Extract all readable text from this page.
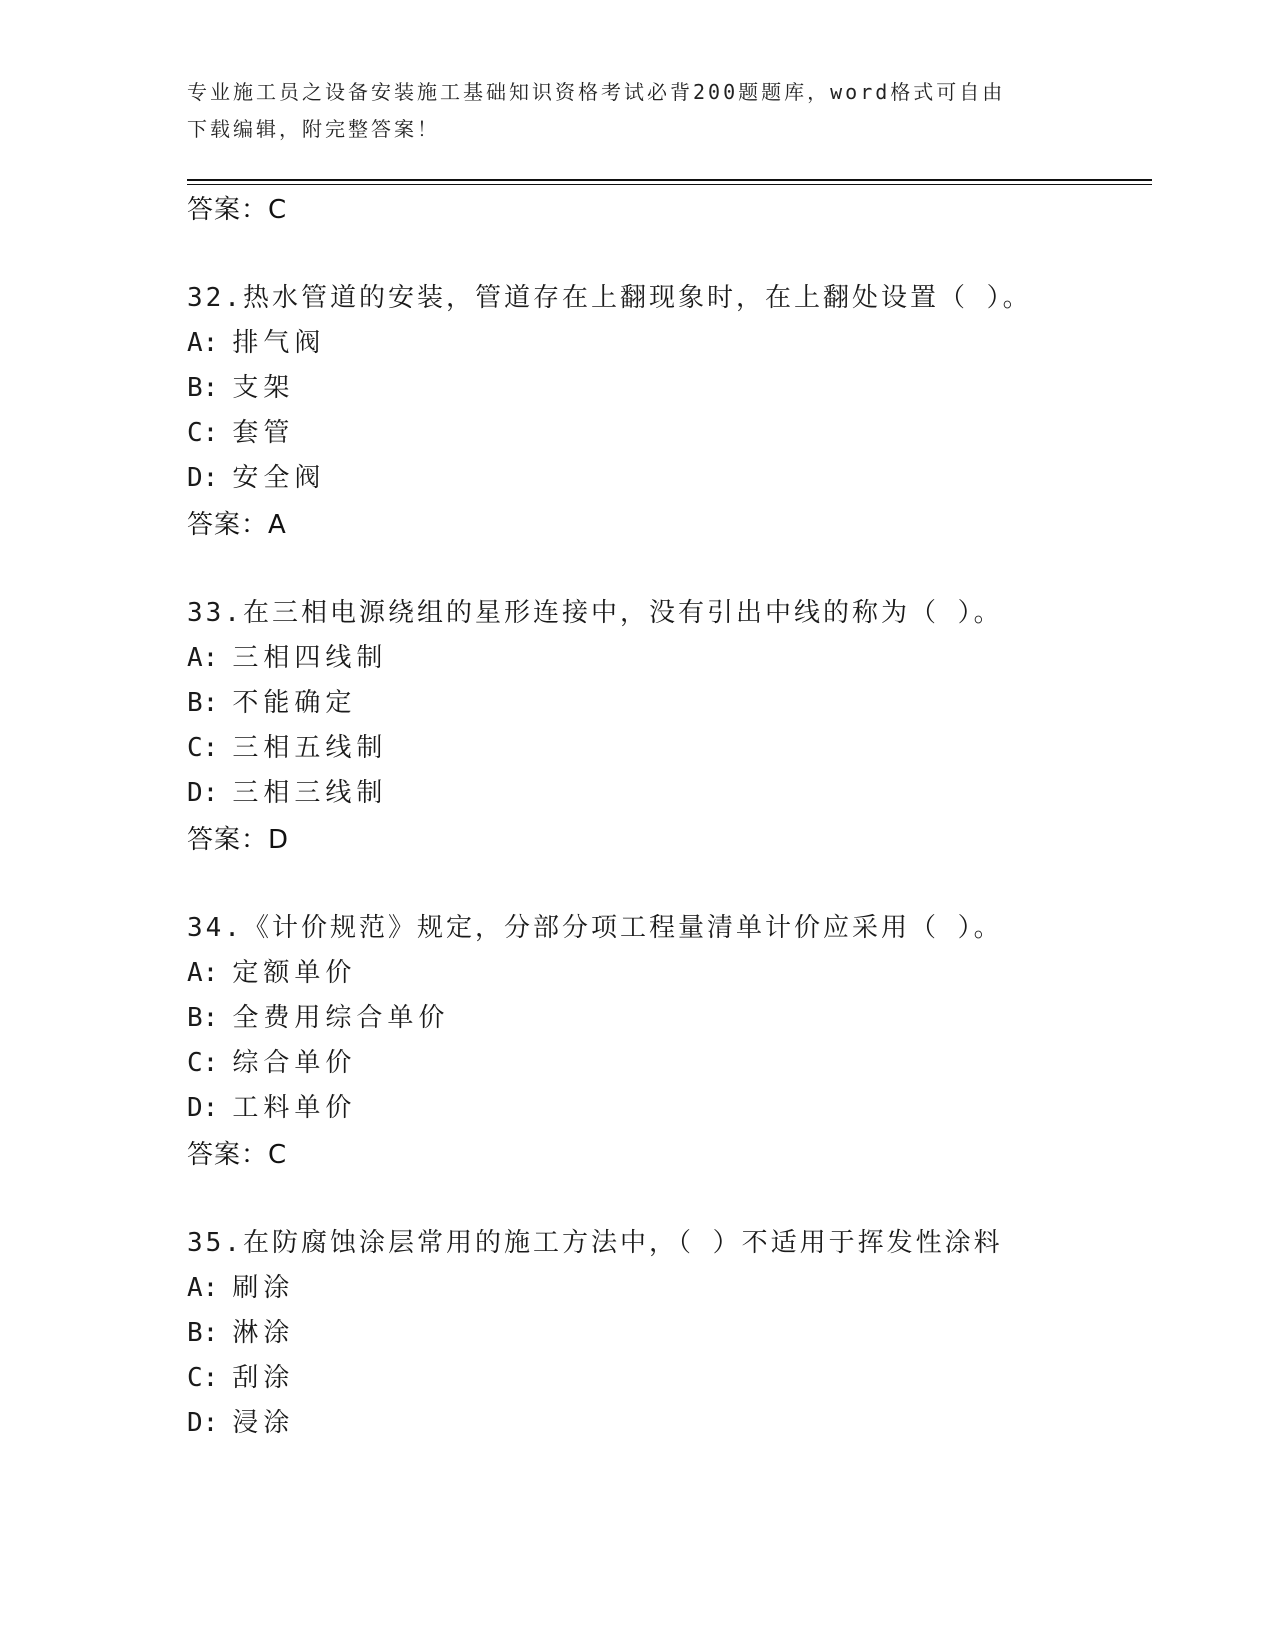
专业施工员之设备安装施工基础知识资格考试必背200题题库，word格式可自由
下载编辑，附完整答案！
答案：C
32.热水管道的安装，管道存在上翻现象时，在上翻处设置（ ）。
A: 排气阀
B: 支架
C: 套管
D: 安全阀
答案：A
33.在三相电源绕组的星形连接中，没有引出中线的称为（ ）。
A: 三相四线制
B: 不能确定
C: 三相五线制
D: 三相三线制
答案：D
34.《计价规范》规定，分部分项工程量清单计价应采用（ ）。
A: 定额单价
B: 全费用综合单价
C: 综合单价
D: 工料单价
答案：C
35.在防腐蚀涂层常用的施工方法中，（ ）不适用于挥发性涂料
A: 刷涂
B: 淋涂
C: 刮涂
D: 浸涂
